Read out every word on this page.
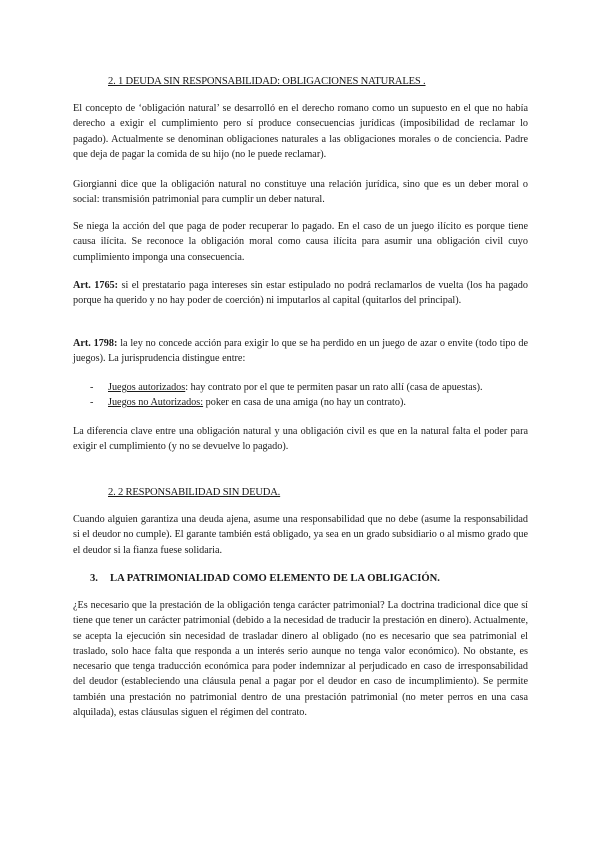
2. 1 DEUDA SIN RESPONSABILIDAD: OBLIGACIONES NATURALES .

El concepto de ‘obligación natural’ se desarrolló en el derecho romano como un supuesto en el que no había derecho a exigir el cumplimiento pero sí produce consecuencias jurídicas (imposibilidad de reclamar lo pagado). Actualmente se denominan obligaciones naturales a las obligaciones morales o de conciencia. Padre que deja de pagar la comida de su hijo (no le puede reclamar).

Giorgianni dice que la obligación natural no constituye una relación jurídica, sino que es un deber moral o social: transmisión patrimonial para cumplir un deber natural.

Se niega la acción del que paga de poder recuperar lo pagado. En el caso de un juego ilícito es porque tiene causa ilícita. Se reconoce la obligación moral como causa ilícita para asumir una obligación civil cuyo cumplimiento imponga una consecuencia.

Art. 1765: si el prestatario paga intereses sin estar estipulado no podrá reclamarlos de vuelta (los ha pagado porque ha querido y no hay poder de coerción) ni imputarlos al capital (quitarlos del principal).

Art. 1798: la ley no concede acción para exigir lo que se ha perdido en un juego de azar o envite (todo tipo de juegos). La jurisprudencia distingue entre:

- Juegos autorizados: hay contrato por el que te permiten pasar un rato allí (casa de apuestas).
- Juegos no Autorizados: poker en casa de una amiga (no hay un contrato).

La diferencia clave entre una obligación natural y una obligación civil es que en la natural falta el poder para exigir el cumplimiento (y no se devuelve lo pagado).

2. 2 RESPONSABILIDAD SIN DEUDA.

Cuando alguien garantiza una deuda ajena, asume una responsabilidad que no debe (asume la responsabilidad si el deudor no cumple). El garante también está obligado, ya sea en un grado subsidiario o al mismo grado que el deudor si la fianza fuese solidaria.

3. LA PATRIMONIALIDAD COMO ELEMENTO DE LA OBLIGACIÓN.

¿Es necesario que la prestación de la obligación tenga carácter patrimonial? La doctrina tradicional dice que sí tiene que tener un carácter patrimonial (debido a la necesidad de traducir la prestación en dinero). Actualmente, se acepta la ejecución sin necesidad de trasladar dinero al obligado (no es necesario que sea patrimonial el traslado, solo hace falta que responda a un interés serio aunque no tenga valor económico). No obstante, es necesario que tenga traducción económica para poder indemnizar al perjudicado en caso de irresponsabilidad del deudor (estableciendo una cláusula penal a pagar por el deudor en caso de incumplimiento). Se permite también una prestación no patrimonial dentro de una prestación patrimonial (no meter perros en una casa alquilada), estas cláusulas siguen el régimen del contrato.
